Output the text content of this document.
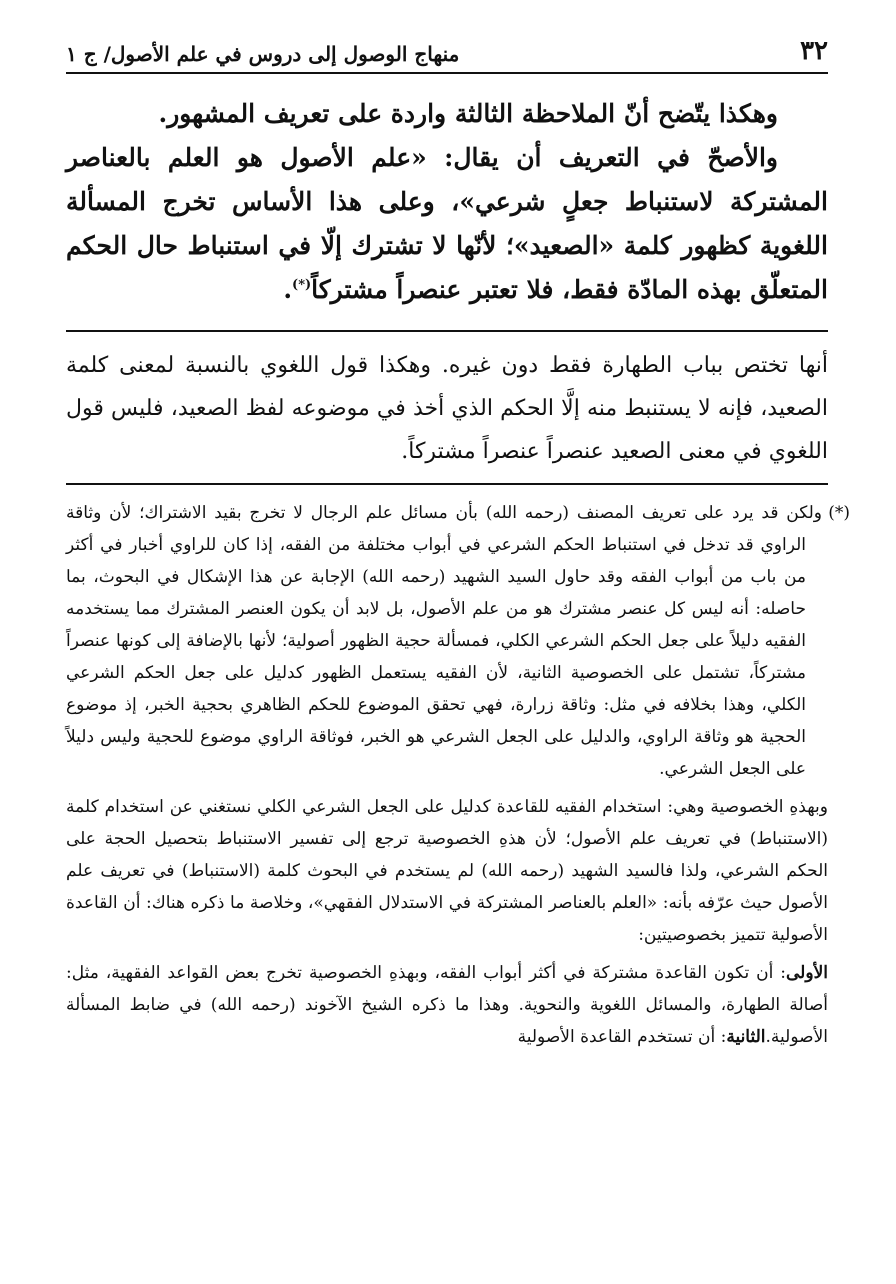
٣٢
منهاج الوصول إلى دروس في علم الأصول/ ج ١

وهكذا يتّضح أنّ الملاحظة الثالثة واردة على تعريف المشهور.

والأصحّ في التعريف أن يقال: «علم الأصول هو العلم بالعناصر المشتركة لاستنباط جعلٍ شرعي»، وعلى هذا الأساس تخرج المسألة اللغوية كظهور كلمة «الصعيد»؛ لأنّها لا تشترك إلّا في استنباط حال الحكم المتعلّق بهذه المادّة فقط، فلا تعتبر عنصراً مشتركاً(*).

أنها تختص بباب الطهارة فقط دون غيره. وهكذا قول اللغوي بالنسبة لمعنى كلمة الصعيد، فإنه لا يستنبط منه إلَّا الحكم الذي أخذ في موضوعه لفظ الصعيد، فليس قول اللغوي في معنى الصعيد عنصراً عنصراً مشتركاً.

(*)ولكن قد يرد على تعريف المصنف (رحمه الله) بأن مسائل علم الرجال لا تخرج بقيد الاشتراك؛ لأن وثاقة الراوي قد تدخل في استنباط الحكم الشرعي في أبواب مختلفة من الفقه، إذا كان للراوي أخبار في أكثر من باب من أبواب الفقه وقد حاول السيد الشهيد (رحمه الله) الإجابة عن هذا الإشكال في البحوث، بما حاصله: أنه ليس كل عنصر مشترك هو من علم الأصول، بل لابد أن يكون العنصر المشترك مما يستخدمه الفقيه دليلاً على جعل الحكم الشرعي الكلي، فمسألة حجية الظهور أصولية؛ لأنها بالإضافة إلى كونها عنصراً مشتركاً، تشتمل على الخصوصية الثانية، لأن الفقيه يستعمل الظهور كدليل على جعل الحكم الشرعي الكلي، وهذا بخلافه في مثل: وثاقة زرارة، فهي تحقق الموضوع للحكم الظاهري بحجية الخبر، إذ موضوع الحجية هو وثاقة الراوي، والدليل على الجعل الشرعي هو الخبر، فوثاقة الراوي موضوع للحجية وليس دليلاً على الجعل الشرعي.

وبهذهِ الخصوصية وهي: استخدام الفقيه للقاعدة كدليل على الجعل الشرعي الكلي نستغني عن استخدام كلمة (الاستنباط) في تعريف علم الأصول؛ لأن هذهِ الخصوصية ترجع إلى تفسير الاستنباط بتحصيل الحجة على الحكم الشرعي، ولذا فالسيد الشهيد (رحمه الله) لم يستخدم في البحوث كلمة (الاستنباط) في تعريف علم الأصول حيث عرّفه بأنه: «العلم بالعناصر المشتركة في الاستدلال الفقهي»، وخلاصة ما ذكره هناك: أن القاعدة الأصولية تتميز بخصوصيتين:

الأولى: أن تكون القاعدة مشتركة في أكثر أبواب الفقه، وبهذهِ الخصوصية تخرج بعض القواعد الفقهية، مثل: أصالة الطهارة، والمسائل اللغوية والنحوية. وهذا ما ذكره الشيخ الآخوند (رحمه الله) في ضابط المسألة الأصولية.الثانية: أن تستخدم القاعدة الأصولية
